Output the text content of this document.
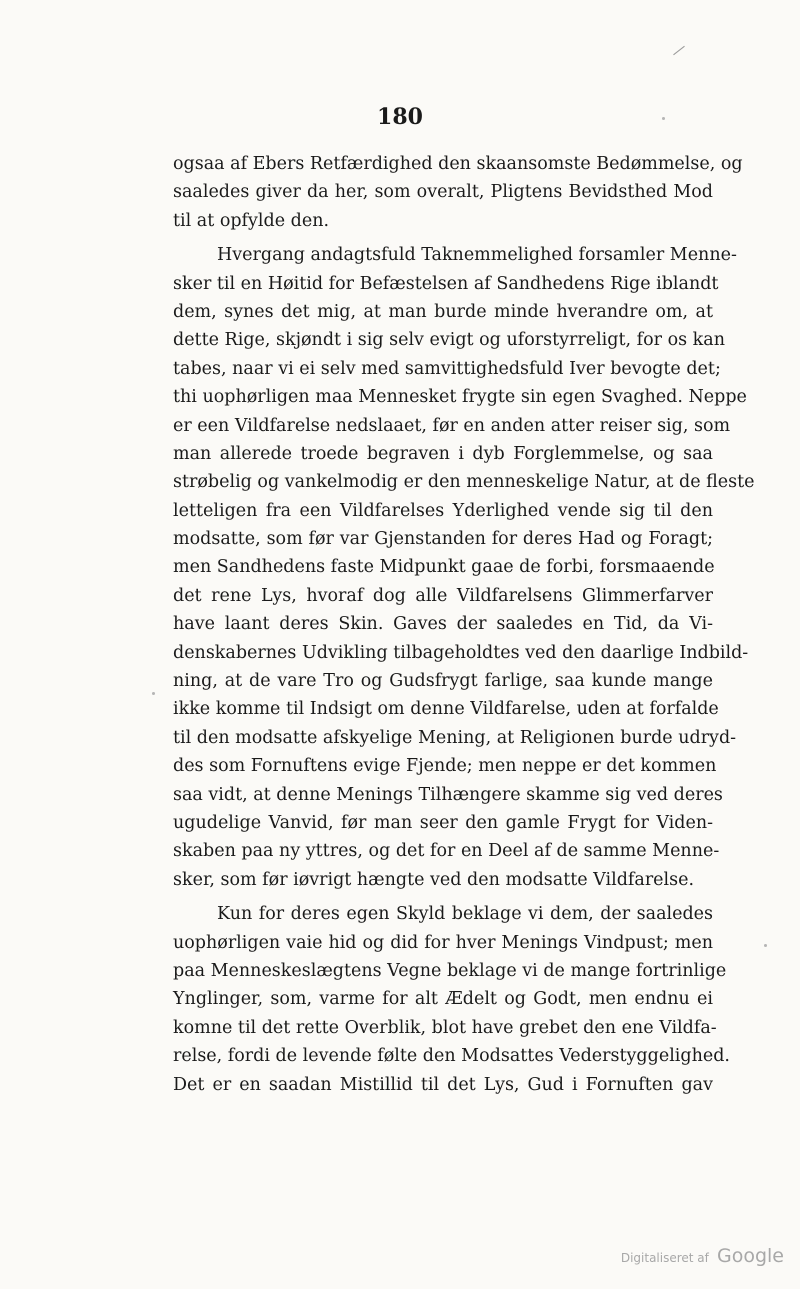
180
ogsaa af Ebers Retfærdighed den skaansomste Bedømmelse, og
saaledes giver da her, som overalt, Pligtens Bevidsthed Mod
til at opfylde den.
Hvergang andagtsfuld Taknemmelighed forsamler Menne-
sker til en Høitid for Befæstelsen af Sandhedens Rige iblandt
dem, synes det mig, at man burde minde hverandre om, at
dette Rige, skjøndt i sig selv evigt og uforstyrreligt, for os kan
tabes, naar vi ei selv med samvittighedsfuld Iver bevogte det;
thi uophørligen maa Mennesket frygte sin egen Svaghed. Neppe
er een Vildfarelse nedslaaet, før en anden atter reiser sig, som
man allerede troede begraven i dyb Forglemmelse, og saa
strøbelig og vankelmodig er den menneskelige Natur, at de fleste
letteligen fra een Vildfarelses Yderlighed vende sig til den
modsatte, som før var Gjenstanden for deres Had og Foragt;
men Sandhedens faste Midpunkt gaae de forbi, forsmaaende
det rene Lys, hvoraf dog alle Vildfarelsens Glimmerfarver
have laant deres Skin. Gaves der saaledes en Tid, da Vi-
denskabernes Udvikling tilbageholdtes ved den daarlige Indbild-
ning, at de vare Tro og Gudsfrygt farlige, saa kunde mange
ikke komme til Indsigt om denne Vildfarelse, uden at forfalde
til den modsatte afskyelige Mening, at Religionen burde udryd-
des som Fornuftens evige Fjende; men neppe er det kommen
saa vidt, at denne Menings Tilhængere skamme sig ved deres
ugudelige Vanvid, før man seer den gamle Frygt for Viden-
skaben paa ny yttres, og det for en Deel af de samme Menne-
sker, som før iøvrigt hængte ved den modsatte Vildfarelse.
Kun for deres egen Skyld beklage vi dem, der saaledes
uophørligen vaie hid og did for hver Menings Vindpust; men
paa Menneskeslægtens Vegne beklage vi de mange fortrinlige
Ynglinger, som, varme for alt Ædelt og Godt, men endnu ei
komne til det rette Overblik, blot have grebet den ene Vildfa-
relse, fordi de levende følte den Modsattes Vederstyggelighed.
Det er en saadan Mistillid til det Lys, Gud i Fornuften gav
Digitaliseret af Google
